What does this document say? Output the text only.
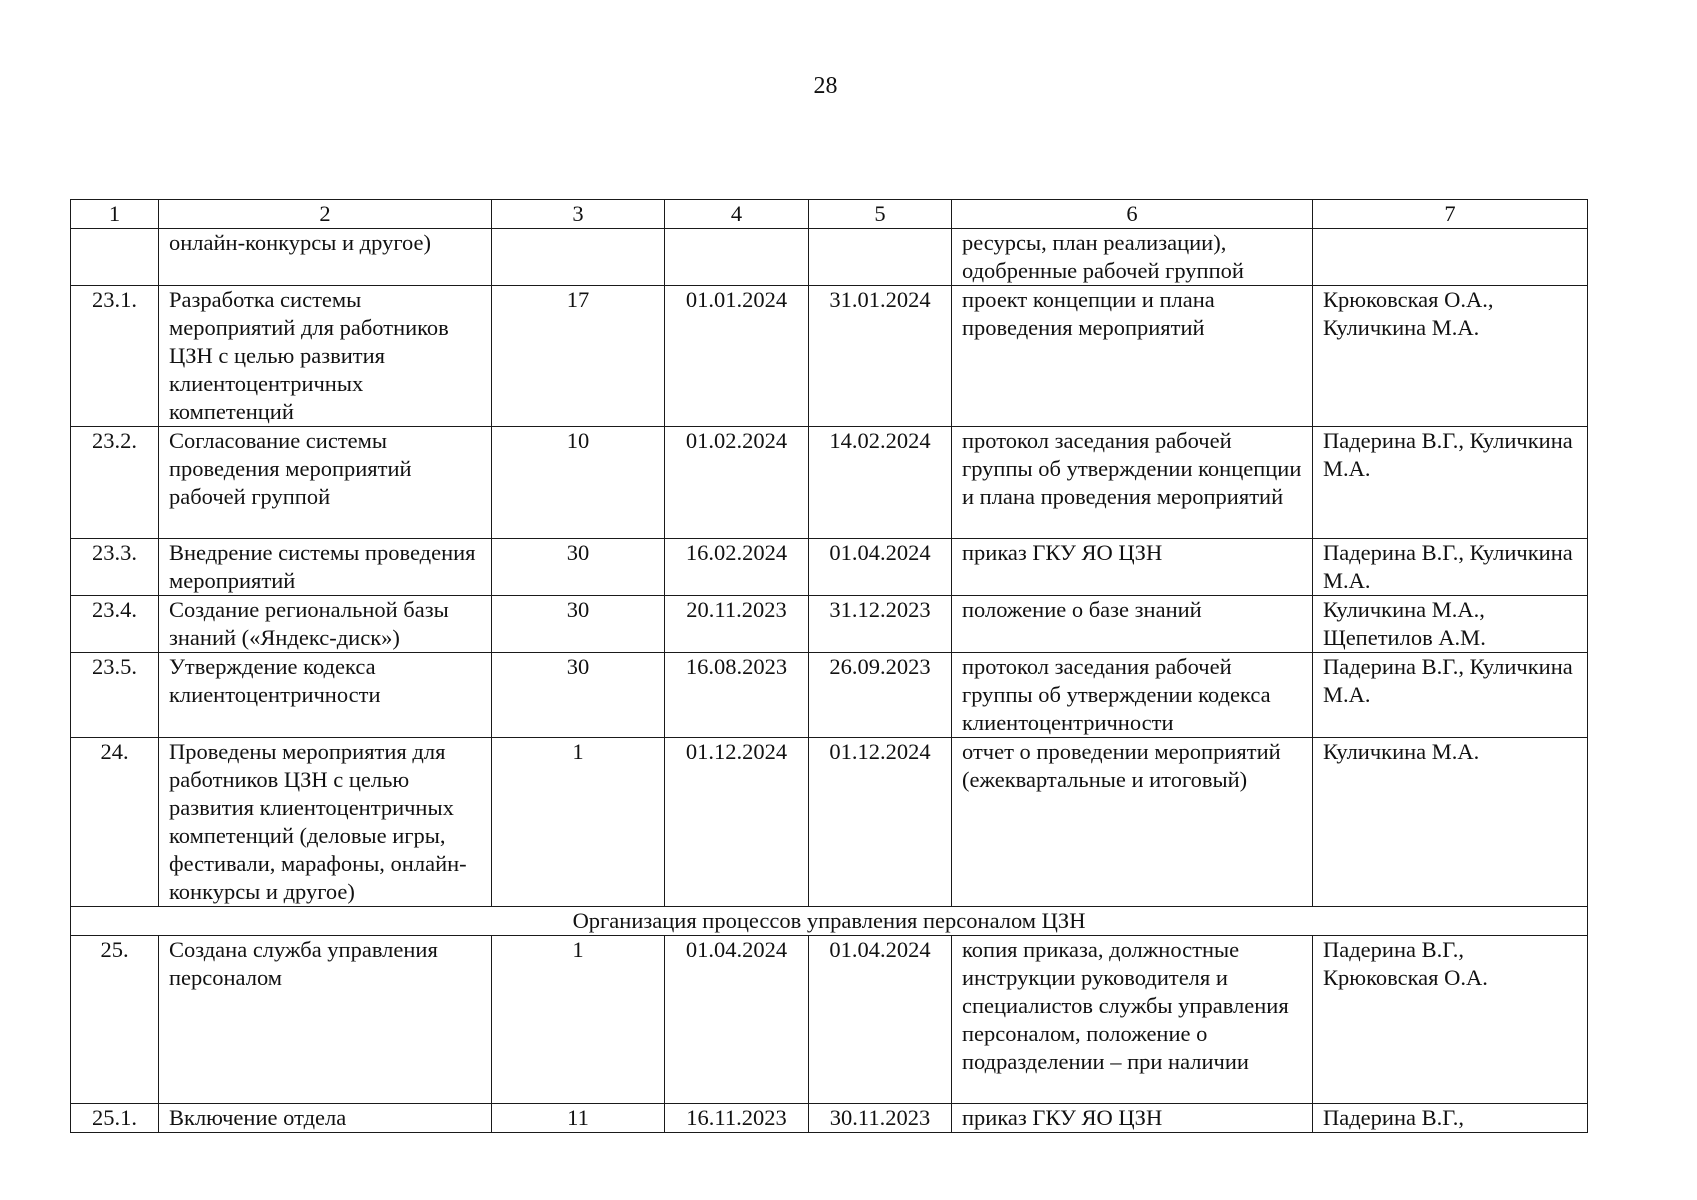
28
1	2	3	4	5	6	7
	онлайн-конкурсы и другое)				ресурсы, план реализации), одобренные рабочей группой	
23.1.	Разработка системы мероприятий для работников ЦЗН с целью развития клиентоцентричных компетенций	17	01.01.2024	31.01.2024	проект концепции и плана проведения мероприятий	Крюковская О.А., Куличкина М.А.
23.2.	Согласование системы проведения мероприятий рабочей группой	10	01.02.2024	14.02.2024	протокол заседания рабочей группы об утверждении концепции и плана проведения мероприятий	Падерина В.Г., Куличкина М.А.
23.3.	Внедрение системы проведения мероприятий	30	16.02.2024	01.04.2024	приказ ГКУ ЯО ЦЗН	Падерина В.Г., Куличкина М.А.
23.4.	Создание региональной базы знаний («Яндекс-диск»)	30	20.11.2023	31.12.2023	положение о базе знаний	Куличкина М.А., Щепетилов А.М.
23.5.	Утверждение кодекса клиентоцентричности	30	16.08.2023	26.09.2023	протокол заседания рабочей группы об утверждении кодекса клиентоцентричности	Падерина В.Г., Куличкина М.А.
24.	Проведены мероприятия для работников ЦЗН с целью развития клиентоцентричных компетенций (деловые игры, фестивали, марафоны, онлайн-конкурсы и другое)	1	01.12.2024	01.12.2024	отчет о проведении мероприятий (ежеквартальные и итоговый)	Куличкина М.А.
Организация процессов управления персоналом ЦЗН						
25.	Создана служба управления персоналом	1	01.04.2024	01.04.2024	копия приказа, должностные инструкции руководителя и специалистов службы управления персоналом, положение о подразделении – при наличии	Падерина В.Г., Крюковская О.А.
25.1.	Включение отдела	11	16.11.2023	30.11.2023	приказ ГКУ ЯО ЦЗН	Падерина В.Г.,
